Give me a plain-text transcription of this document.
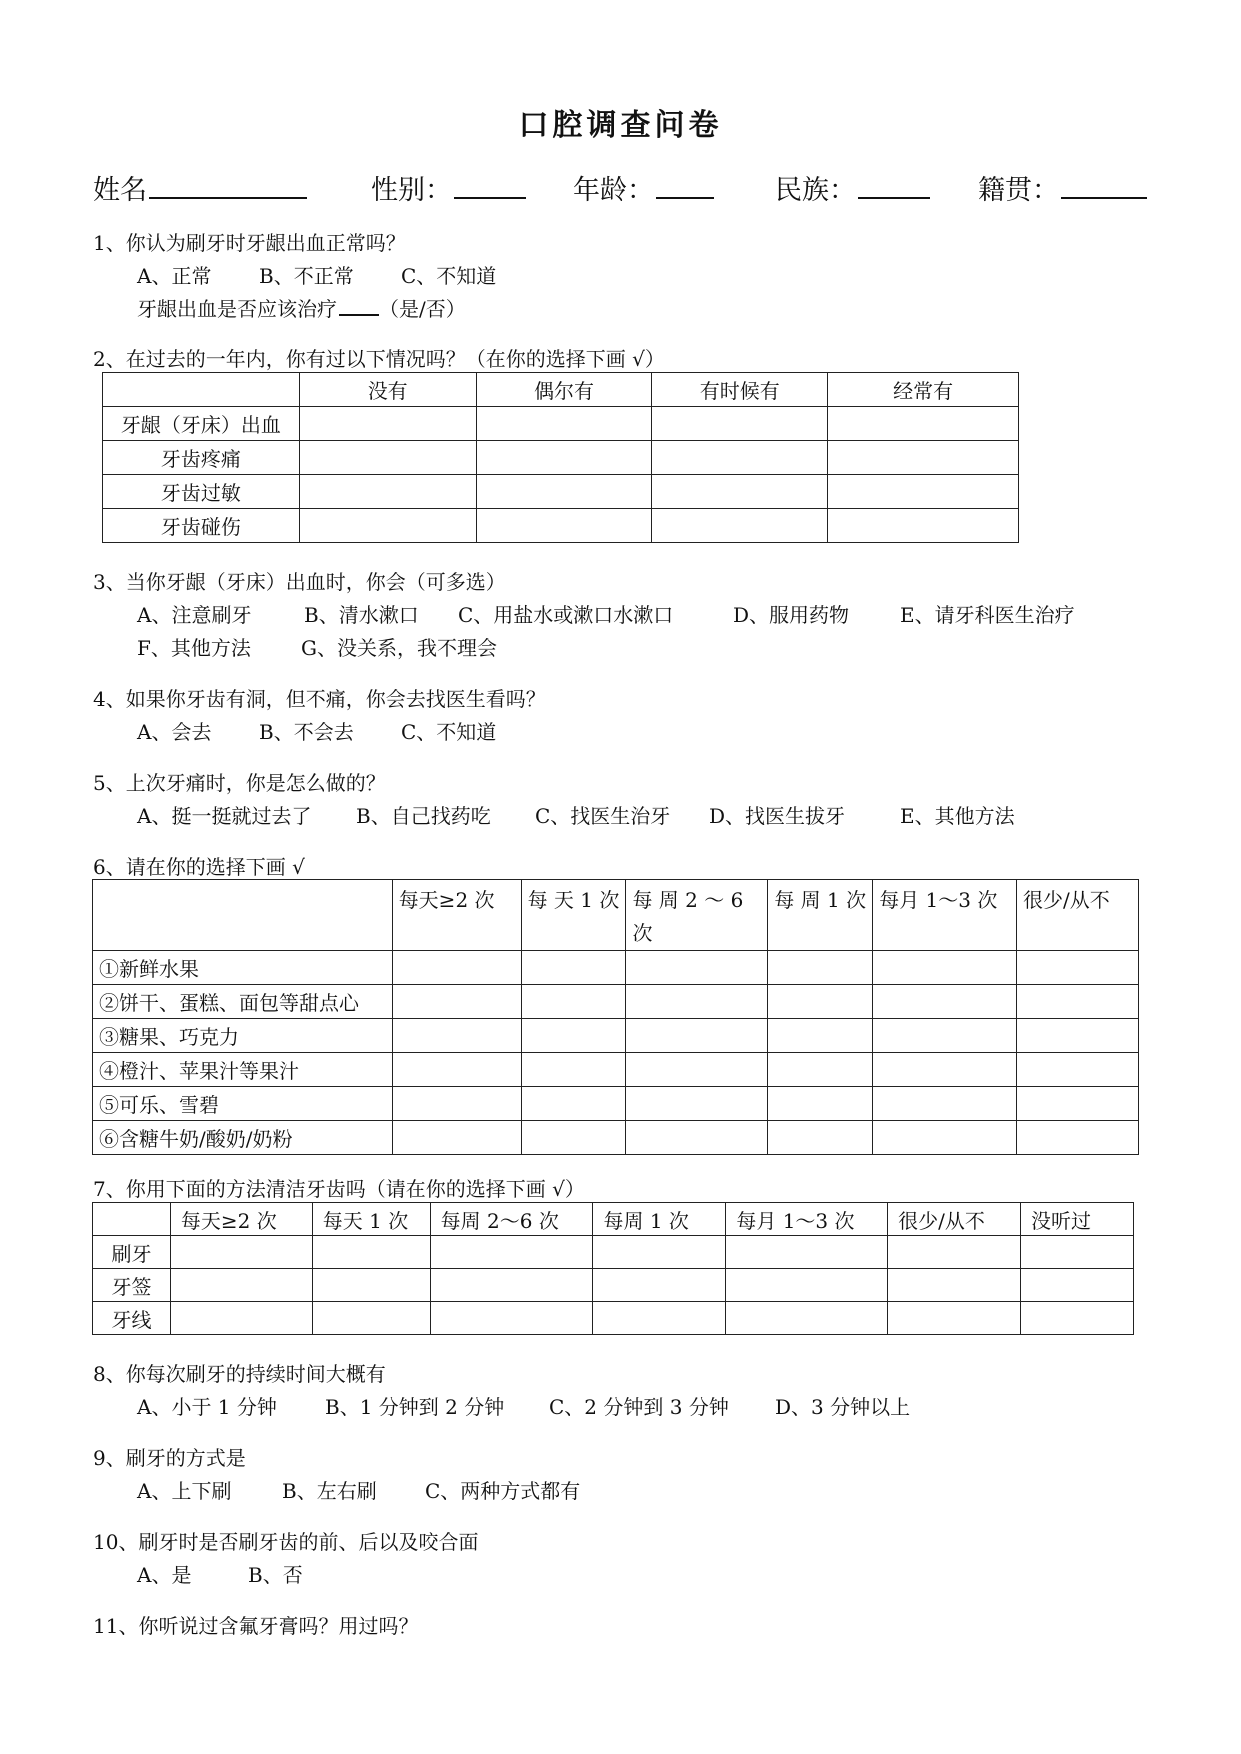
口腔调查问卷
姓名	性别：	年龄：	民族：	籍贯：
1、你认为刷牙时牙龈出血正常吗？
A、正常 B、不正常 C、不知道
牙龈出血是否应该治疗 （是/否）
2、在过去的一年内，你有过以下情况吗？（在你的选择下画 √）
	没有	偶尔有	有时候有	经常有
牙龈（牙床）出血				
牙齿疼痛				
牙齿过敏				
牙齿碰伤				
3、当你牙龈（牙床）出血时，你会（可多选）
A、注意刷牙	B、清水漱口 C、用盐水或漱口水漱口	D、服用药物	E、请牙科医生治疗
F、其他方法	G、没关系，我不理会
4、如果你牙齿有洞，但不痛，你会去找医生看吗？
A、会去 B、不会去 C、不知道
5、上次牙痛时，你是怎么做的？
A、挺一挺就过去了 B、自己找药吃 C、找医生治牙 D、找医生拔牙	E、其他方法
6、请在你的选择下画 √
	每天≥2 次	每 天 1 次	每 周 2 ～ 6 次	每 周 1 次	每月 1～3 次	很少/从不
①新鲜水果						
②饼干、蛋糕、面包等甜点心						
③糖果、巧克力						
④橙汁、苹果汁等果汁						
⑤可乐、雪碧						
⑥含糖牛奶/酸奶/奶粉						
7、你用下面的方法清洁牙齿吗（请在你的选择下画 √）
	每天≥2 次	每天 1 次	每周 2～6 次	每周 1 次	每月 1～3 次	很少/从不	没听过
刷牙							
牙签							
牙线							
8、你每次刷牙的持续时间大概有
A、小于 1 分钟 B、1 分钟到 2 分钟 C、2 分钟到 3 分钟 D、3 分钟以上
9、刷牙的方式是
A、上下刷	B、左右刷 C、两种方式都有
10、刷牙时是否刷牙齿的前、后以及咬合面
A、是	B、否
11、你听说过含氟牙膏吗？用过吗？
